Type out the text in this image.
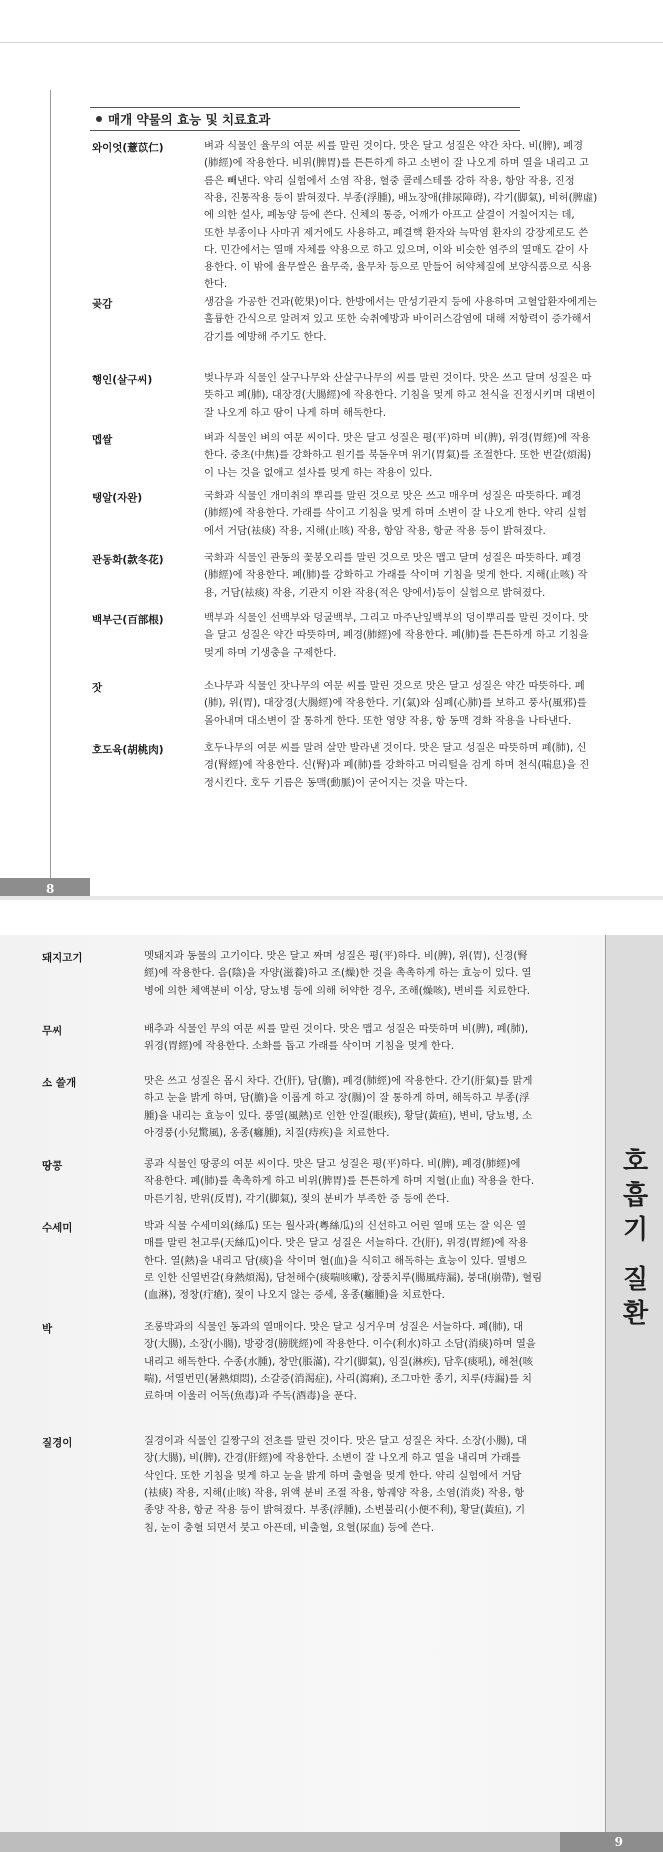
매개 약물의 효능 및 치료효과
와이엇(薏苡仁)	벼과 식물인 율무의 여문 씨를 말린 것이다. 맛은 달고 성질은 약간 차다. 비(脾), 폐경
(肺經)에 작용한다. 비위(脾胃)를 튼튼하게 하고 소변이 잘 나오게 하며 열을 내리고 고
름은 빼낸다. 약리 실험에서 소염 작용, 혈중 콜레스테롤 강하 작용, 항암 작용, 진정
작용, 진통작용 등이 밝혀졌다. 부종(浮腫), 배뇨장애(排尿障碍), 각기(脚氣), 비허(脾虛)
에 의한 설사, 폐농양 등에 쓴다. 신체의 통증, 어깨가 아프고 살결이 거칠어지는 데,
또한 부종이나 사마귀 제거에도 사용하고, 폐결핵 환자와 늑막염 환자의 강장제로도 쓴
다. 민간에서는 열매 자체를 약용으로 하고 있으며, 이와 비슷한 염주의 열매도 같이 사
용한다. 이 밖에 율무쌀은 율무죽, 율무차 등으로 만들어 허약체질에 보양식품으로 식용
한다.
곶감	생감을 가공한 건과(乾果)이다. 한방에서는 만성기관지 등에 사용하며 고혈압환자에게는
훌륭한 간식으로 알려져 있고 또한 숙취예방과 바이러스감염에 대해 저항력이 증가해서
감기를 예방해 주기도 한다.
행인(살구씨)	벚나무과 식물인 살구나무와 산살구나무의 씨를 말린 것이다. 맛은 쓰고 달며 성질은 따
뜻하고 폐(肺), 대장경(大腸經)에 작용한다. 기침을 멎게 하고 천식을 진정시키며 대변이
잘 나오게 하고 땀이 나게 하며 해독한다.
멥쌀	벼과 식물인 벼의 여문 씨이다. 맛은 달고 성질은 평(平)하며 비(脾), 위경(胃經)에 작용
한다. 중초(中焦)를 강화하고 원기를 북돋우며 위기(胃氣)를 조절한다. 또한 번갈(煩渴)
이 나는 것을 없애고 설사를 멎게 하는 작용이 있다.
탱알(자완)	국화과 식물인 개미취의 뿌리를 말린 것으로 맛은 쓰고 매우며 성질은 따뜻하다. 폐경
(肺經)에 작용한다. 가래를 삭이고 기침을 멎게 하며 소변이 잘 나오게 한다. 약리 실험
에서 거담(袪痰) 작용, 지해(止咳) 작용, 항암 작용, 항균 작용 등이 밝혀졌다.
관동화(款冬花)	국화과 식물인 관동의 꽃봉오리를 말린 것으로 맛은 맵고 달며 성질은 따뜻하다. 폐경
(肺經)에 작용한다. 폐(肺)를 강화하고 가래를 삭이며 기침을 멎게 한다. 지해(止咳) 작
용, 거담(袪痰) 작용, 기관지 이완 작용(적은 양에서)등이 실험으로 밝혀졌다.
백부근(百部根)	백부과 식물인 선백부와 덩굴백부, 그리고 마주난잎백부의 덩이뿌리를 말린 것이다. 맛
을 달고 성질은 약간 따뜻하며, 폐경(肺經)에 작용한다. 폐(肺)를 튼튼하게 하고 기침을
멎게 하며 기생충을 구제한다.
잣	소나무과 식물인 잣나무의 여문 씨를 말린 것으로 맛은 달고 성질은 약간 따뜻하다. 폐
(肺), 위(胃), 대장경(大腸經)에 작용한다. 기(氣)와 심폐(心肺)를 보하고 풍사(風邪)를
몰아내며 대소변이 잘 통하게 한다. 또한 영양 작용, 항 동맥 경화 작용을 나타낸다.
호도육(胡桃肉)	호두나무의 여문 씨를 말려 살만 발라낸 것이다. 맛은 달고 성질은 따뜻하며 폐(肺), 신
경(腎經)에 작용한다. 신(腎)과 폐(肺)를 강화하고 머리털을 검게 하며 천식(喘息)을 진
정시킨다. 호두 기름은 동맥(動脈)이 굳어지는 것을 막는다.
8
돼지고기	멧돼지과 동물의 고기이다. 맛은 달고 짜며 성질은 평(平)하다. 비(脾), 위(胃), 신경(腎
經)에 작용한다. 음(陰)을 자양(滋養)하고 조(燥)한 것을 촉촉하게 하는 효능이 있다. 열
병에 의한 체액분비 이상, 당뇨병 등에 의해 허약한 경우, 조해(燥咳), 변비를 치료한다.
무씨	배추과 식물인 무의 여문 씨를 말린 것이다. 맛은 맵고 성질은 따뜻하며 비(脾), 폐(肺),
위경(胃經)에 작용한다. 소화를 돕고 가래를 삭이며 기침을 멎게 한다.
소 쓸개	맛은 쓰고 성질은 몹시 차다. 간(肝), 담(膽), 폐경(肺經)에 작용한다. 간기(肝氣)를 맑게
하고 눈을 밝게 하며, 담(膽)을 이롭게 하고 장(腸)이 잘 통하게 하며, 해독하고 부종(浮
腫)을 내리는 효능이 있다. 풍열(風熱)로 인한 안질(眼疾), 황달(黃疸), 변비, 당뇨병, 소
아경풍(小兒驚風), 옹종(癰腫), 치질(痔疾)을 치료한다.
땅콩	콩과 식물인 땅콩의 여문 씨이다. 맛은 달고 성질은 평(平)하다. 비(脾), 폐경(肺經)에
작용한다. 폐(肺)를 촉촉하게 하고 비위(脾胃)를 튼튼하게 하며 지혈(止血) 작용을 한다.
마른기침, 반위(反胃), 각기(脚氣), 젖의 분비가 부족한 증 등에 쓴다.
수세미	박과 식물 수세미외(絲瓜) 또는 월사과(粵絲瓜)의 신선하고 어린 열매 또는 잘 익은 열
매를 말린 천고루(天絲瓜)이다. 맛은 달고 성질은 서늘하다. 간(肝), 위경(胃經)에 작용
한다. 열(熱)을 내리고 담(痰)을 삭이며 혈(血)을 식히고 해독하는 효능이 있다. 열병으
로 인한 신열번갈(身熱煩渴), 담천해수(痰喘咳嗽), 장풍치루(腸風痔漏), 붕대(崩帶), 혈림
(血淋), 정창(疔瘡), 젖이 나오지 않는 증세, 옹종(癰腫)을 치료한다.
박	조롱박과의 식물인 동과의 열매이다. 맛은 달고 싱거우며 성질은 서늘하다. 폐(肺), 대
장(大腸), 소장(小腸), 방광경(膀胱經)에 작용한다. 이수(利水)하고 소담(消痰)하며 열을
내리고 해독한다. 수종(水腫), 창만(脹滿), 각기(脚氣), 임질(淋疾), 담후(痰吼), 해천(咳
喘), 서열번민(暑熱煩悶), 소갈증(消渴症), 사리(瀉痢), 조그마한 종기, 치루(痔漏)를 치
료하며 이울러 어독(魚毒)과 주독(酒毒)을 푼다.
질경이	질경이과 식물인 길짱구의 전초를 말린 것이다. 맛은 달고 성질은 차다. 소장(小腸), 대
장(大腸), 비(脾), 간경(肝經)에 작용한다. 소변이 잘 나오게 하고 열을 내리며 가래를
삭인다. 또한 기침을 멎게 하고 눈을 밝게 하며 출혈을 멎게 한다. 약리 실험에서 거담
(袪痰) 작용, 지해(止咳) 작용, 위액 분비 조절 작용, 항궤양 작용, 소염(消炎) 작용, 항
종양 작용, 항균 작용 등이 밝혀졌다. 부종(浮腫), 소변불리(小便不利), 황달(黃疸), 기
침, 눈이 충혈 되면서 붓고 아픈데, 비출혈, 요혈(尿血) 등에 쓴다.
호
흡
기
질
환
9
